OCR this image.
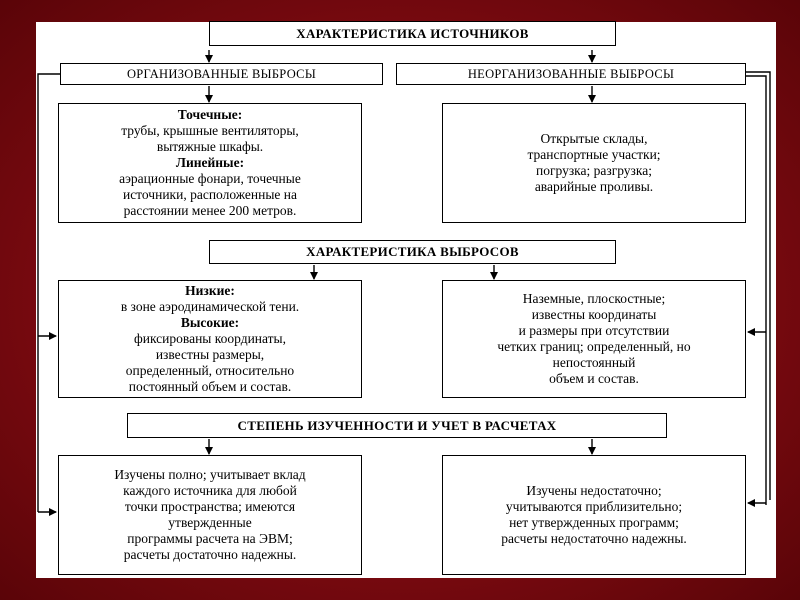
ХАРАКТЕРИСТИКА ИСТОЧНИКОВ
ОРГАНИЗОВАННЫЕ ВЫБРОСЫ	НЕОРГАНИЗОВАННЫЕ ВЫБРОСЫ
Точечные:
трубы, крышные вентиляторы,
вытяжные шкафы.
Линейные:
аэрационные фонари, точечные
источники, расположенные на
расстоянии менее 200 метров.
Открытые склады,
транспортные участки;
погрузка; разгрузка;
аварийные проливы.
ХАРАКТЕРИСТИКА ВЫБРОСОВ
Низкие:
в зоне аэродинамической тени.
Высокие:
фиксированы координаты,
известны размеры,
определенный, относительно
постоянный объем и состав.
Наземные, плоскостные;
известны координаты
и размеры при отсутствии
четких границ; определенный, но
непостоянный
объем и состав.
СТЕПЕНЬ ИЗУЧЕННОСТИ И УЧЕТ В РАСЧЕТАХ
Изучены полно; учитывает вклад
каждого источника для любой
точки пространства; имеются
утвержденные
программы расчета на ЭВМ;
расчеты достаточно надежны.
Изучены недостаточно;
учитываются приблизительно;
нет утвержденных программ;
расчеты недостаточно надежны.
